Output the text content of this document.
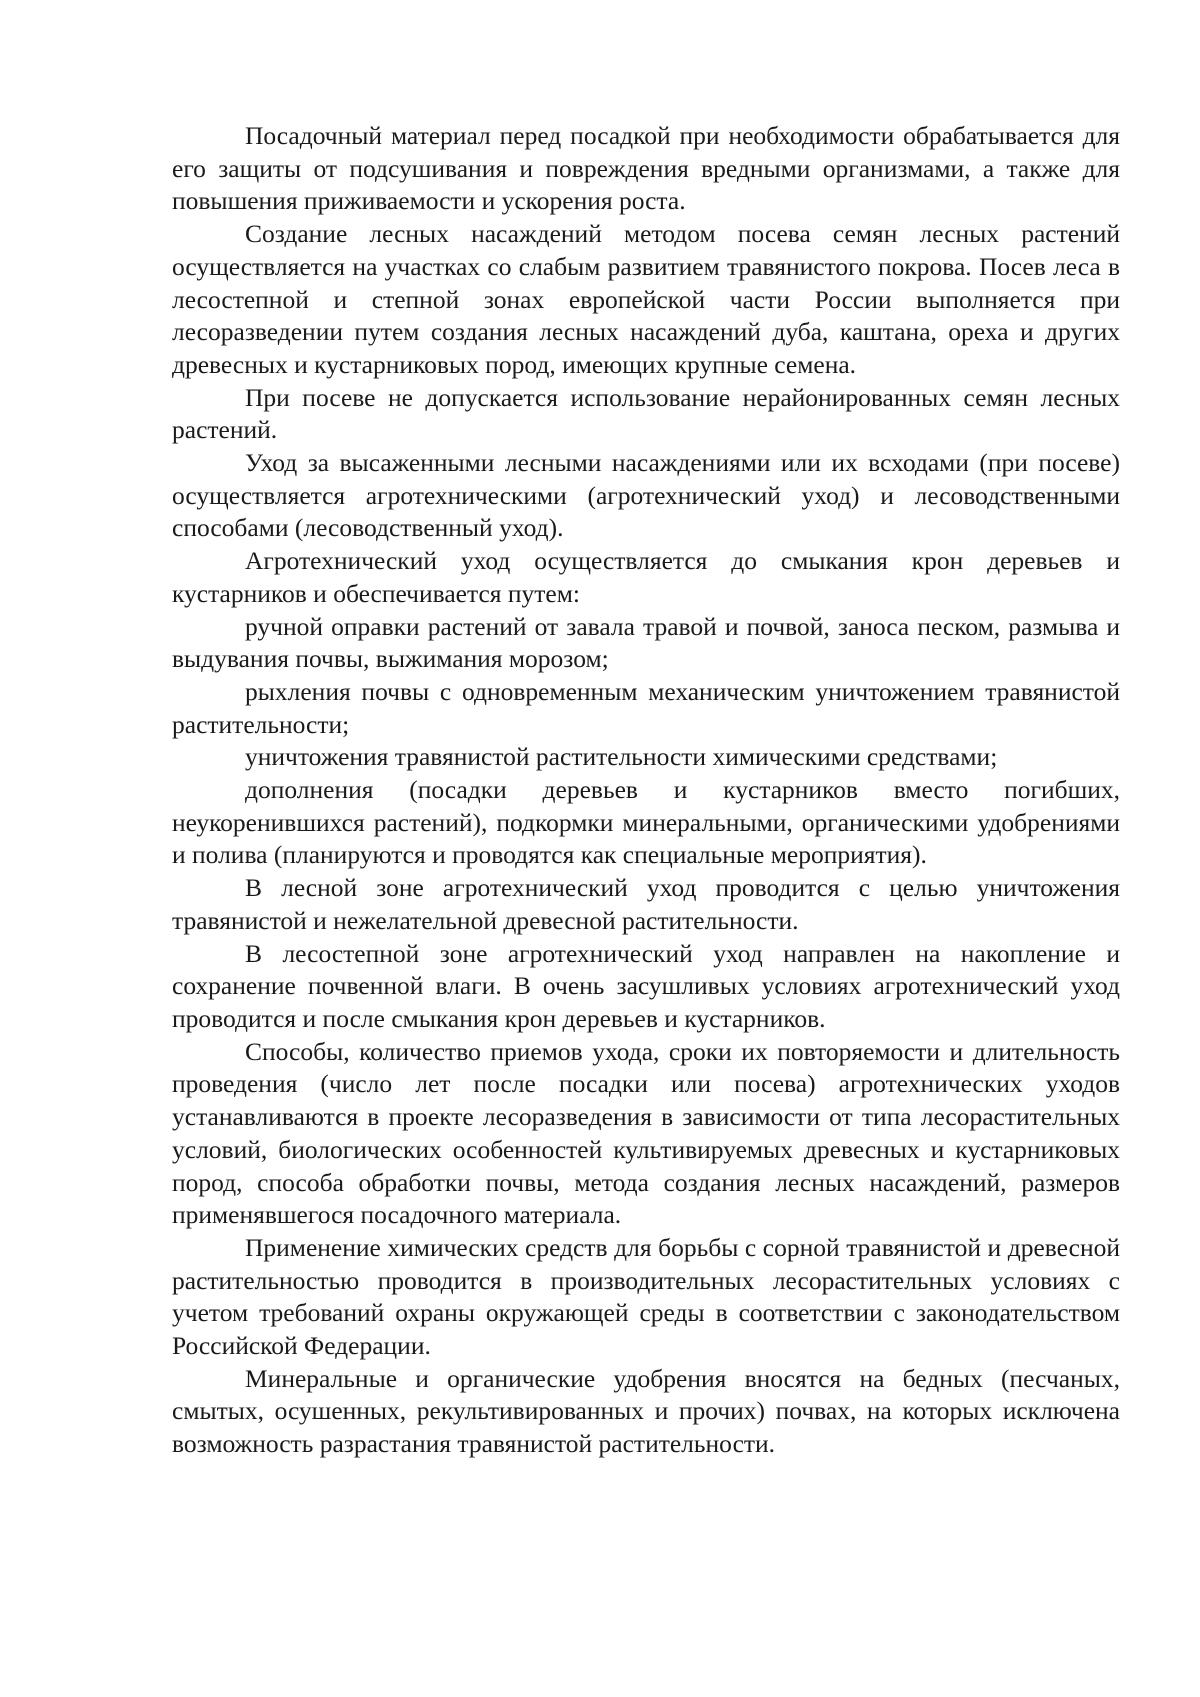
Посадочный материал перед посадкой при необходимости обрабатывается для его защиты от подсушивания и повреждения вредными организмами, а также для повышения приживаемости и ускорения роста.

Создание лесных насаждений методом посева семян лесных растений осуществляется на участках со слабым развитием травянистого покрова. Посев леса в лесостепной и степной зонах европейской части России выполняется при лесоразведении путем создания лесных насаждений дуба, каштана, ореха и других древесных и кустарниковых пород, имеющих крупные семена.

При посеве не допускается использование нерайонированных семян лесных растений.

Уход за высаженными лесными насаждениями или их всходами (при посеве) осуществляется агротехническими (агротехнический уход) и лесоводственными способами (лесоводственный уход).

Агротехнический уход осуществляется до смыкания крон деревьев и кустарников и обеспечивается путем:

ручной оправки растений от завала травой и почвой, заноса песком, размыва и выдувания почвы, выжимания морозом;

рыхления почвы с одновременным механическим уничтожением травянистой растительности;

уничтожения травянистой растительности химическими средствами;

дополнения (посадки деревьев и кустарников вместо погибших, неукоренившихся растений), подкормки минеральными, органическими удобрениями и полива (планируются и проводятся как специальные мероприятия).

В лесной зоне агротехнический уход проводится с целью уничтожения травянистой и нежелательной древесной растительности.

В лесостепной зоне агротехнический уход направлен на накопление и сохранение почвенной влаги. В очень засушливых условиях агротехнический уход проводится и после смыкания крон деревьев и кустарников.

Способы, количество приемов ухода, сроки их повторяемости и длительность проведения (число лет после посадки или посева) агротехнических уходов устанавливаются в проекте лесоразведения в зависимости от типа лесорастительных условий, биологических особенностей культивируемых древесных и кустарниковых пород, способа обработки почвы, метода создания лесных насаждений, размеров применявшегося посадочного материала.

Применение химических средств для борьбы с сорной травянистой и древесной растительностью проводится в производительных лесорастительных условиях с учетом требований охраны окружающей среды в соответствии с законодательством Российской Федерации.

Минеральные и органические удобрения вносятся на бедных (песчаных, смытых, осушенных, рекультивированных и прочих) почвах, на которых исключена возможность разрастания травянистой растительности.
